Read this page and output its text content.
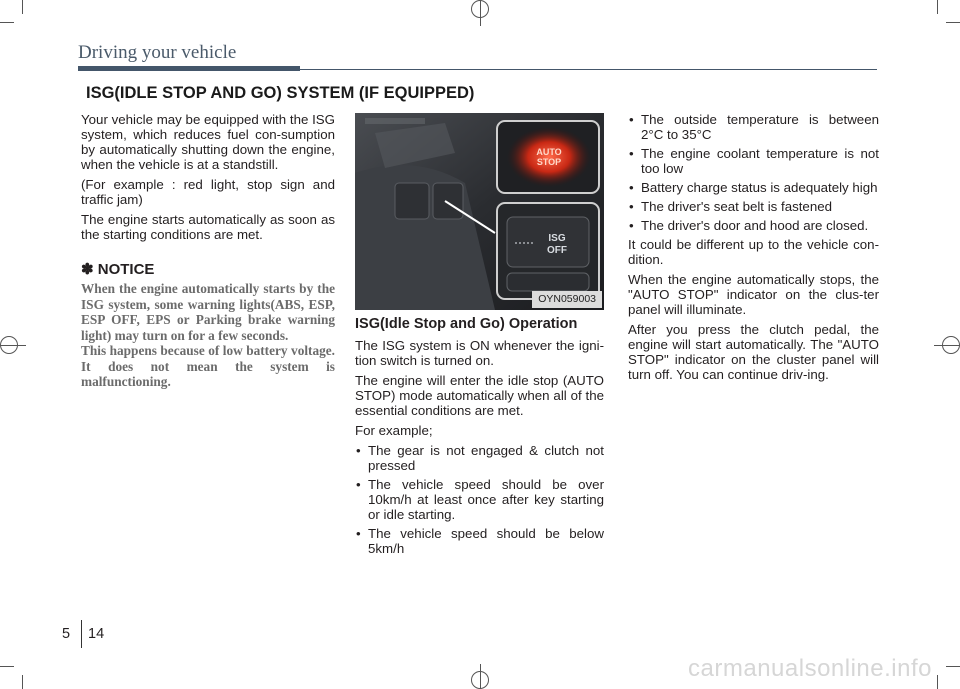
Driving your vehicle
ISG(IDLE STOP AND GO) SYSTEM (IF EQUIPPED)

Your vehicle may be equipped with the ISG system, which reduces fuel con-sumption by automatically shutting down the engine, when the vehicle is at a standstill.

(For example : red light, stop sign and traffic jam)

The engine starts automatically as soon as the starting conditions are met.

✽ NOTICE

When the engine automatically starts by the ISG system, some warning lights(ABS, ESP, ESP OFF, EPS or Parking brake warning light) may turn on for a few seconds.

This happens because of low battery voltage. It does not mean the system is malfunctioning.

AUTO
STOP
ISG
OFF
OYN059003
ISG(Idle Stop and Go) Operation

The ISG system is ON whenever the igni-tion switch is turned on.

The engine will enter the idle stop (AUTO STOP) mode automatically when all of the essential conditions are met.

For example;

• The gear is not engaged & clutch not pressed
• The vehicle speed should be over 10km/h at least once after key starting or idle starting.
• The vehicle speed should be below 5km/h
• The outside temperature is between 2°C to 35°C
• The engine coolant temperature is not too low
• Battery charge status is adequately high
• The driver's seat belt is fastened
• The driver's door and hood are closed.

It could be different up to the vehicle con-dition.

When the engine automatically stops, the "AUTO STOP" indicator on the clus-ter panel will illuminate.

After you press the clutch pedal, the engine will start automatically. The "AUTO STOP" indicator on the cluster panel will turn off. You can continue driv-ing.

5 14
carmanualsonline.info
